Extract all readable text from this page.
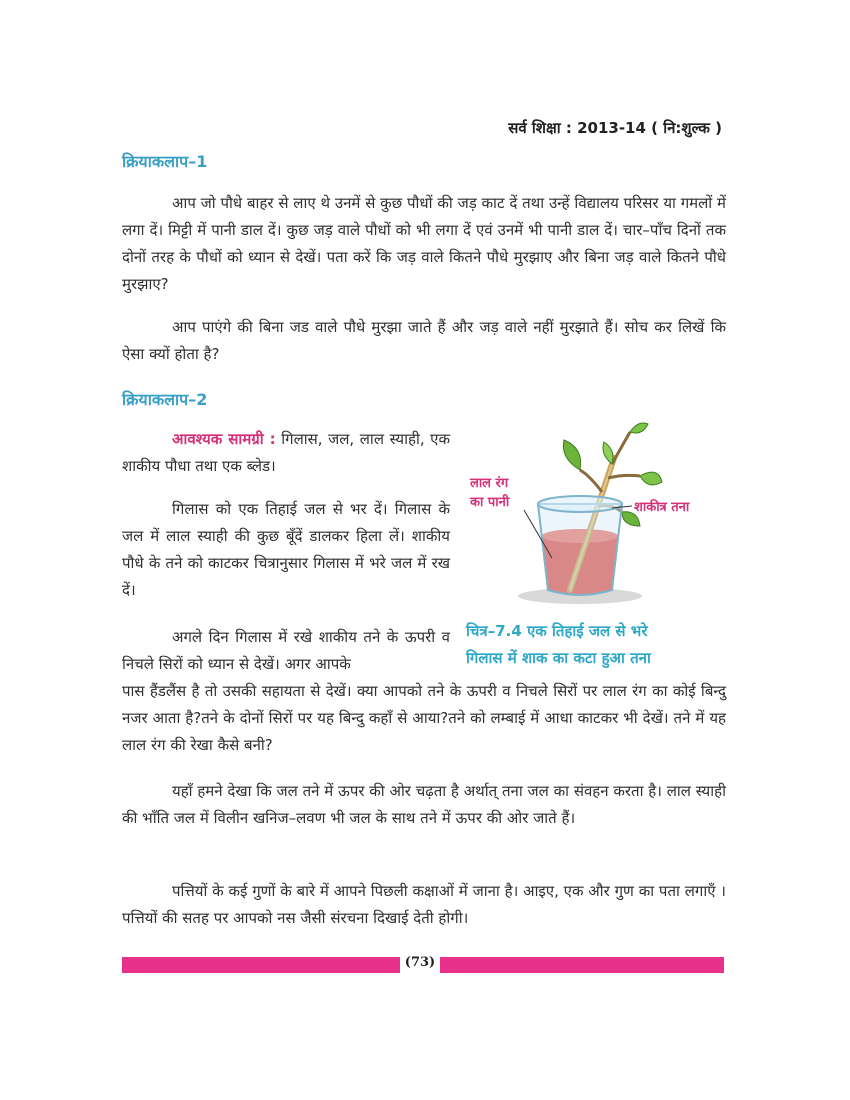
सर्व शिक्षा : 2013-14 ( नि:शुल्क )
क्रियाकलाप–1
आप जो पौधे बाहर से लाए थे उनमें से कुछ पौधों की जड़ काट दें तथा उन्हें विद्यालय परिसर या गमलों में लगा दें। मिट्टी में पानी डाल दें। कुछ जड़ वाले पौधों को भी लगा दें एवं उनमें भी पानी डाल दें। चार–पाँच दिनों तक दोनों तरह के पौधों को ध्यान से देखें। पता करें कि जड़ वाले कितने पौधे मुरझाए और बिना जड़ वाले कितने पौधे मुरझाए?
आप पाएंगे की बिना जड वाले पौधे मुरझा जाते हैं और जड़ वाले नहीं मुरझाते हैं। सोच कर लिखें कि ऐसा क्यों होता है?
क्रियाकलाप–2
आवश्यक सामग्री : गिलास, जल, लाल स्याही, एक शाकीय पौधा तथा एक ब्लेड।
गिलास को एक तिहाई जल से भर दें। गिलास के जल में लाल स्याही की कुछ बूँदें डालकर हिला लें। शाकीय पौधे के तने को काटकर चित्रानुसार गिलास में भरे जल में रख दें।
अगले दिन गिलास में रखे शाकीय तने के ऊपरी व निचले सिरों को ध्यान से देखें। अगर आपके
पास हैंडलैंस है तो उसकी सहायता से देखें। क्या आपको तने के ऊपरी व निचले सिरों पर लाल रंग का कोई बिन्दु नजर आता है?तने के दोनों सिरों पर यह बिन्दु कहाँ से आया?तने को लम्बाई में आधा काटकर भी देखें। तने में यह लाल रंग की रेखा कैसे बनी?
यहाँ हमने देखा कि जल तने में ऊपर की ओर चढ़ता है अर्थात् तना जल का संवहन करता है। लाल स्याही की भाँति जल में विलीन खनिज–लवण भी जल के साथ तने में ऊपर की ओर जाते हैं।
पत्तियों के कई गुणों के बारे में आपने पिछली कक्षाओं में जाना है। आइए, एक और गुण का पता लगाएँ । पत्तियों की सतह पर आपको नस जैसी संरचना दिखाई देती होगी।
लाल रंग
का पानी	शाकीत्र तना
चित्र–7.4 एक तिहाई जल से भरे
गिलास में शाक का कटा हुआ तना
(73)
